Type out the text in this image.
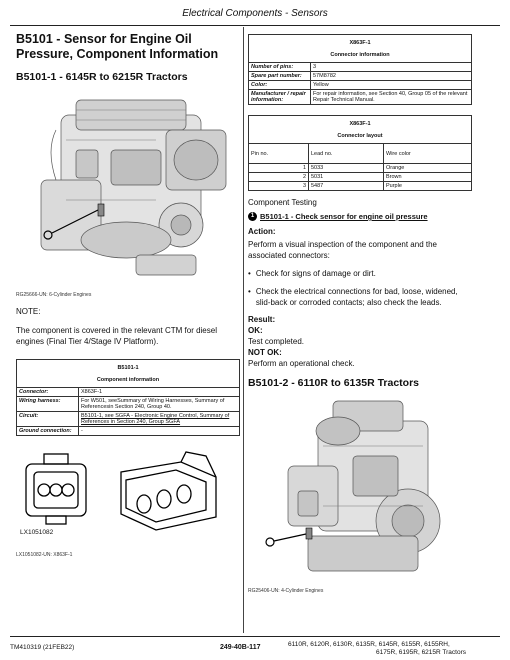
Electrical Components - Sensors
B5101 - Sensor for Engine Oil Pressure, Component Information
B5101-1 - 6145R to 6215R Tractors
RG25666-UN: 6-Cylinder Engines
NOTE:
The component is covered in the relevant CTM for diesel engines (Final Tier 4/Stage IV Platform).
B5101-1
Component information	

Connector:	X863F-1
Wiring harness:	For W501, seeSummary of Wiring Harnesses, Summary of Referencesin Section 240, Group 40.
Circuit:	B5101-1, see SGFA - Electronic Engine Control, Summary of References in Section 240, Group SGFA
Ground connection:	-
LX1051082
LX1051082-UN: X863F-1
X863F-1
Connector information	

Number of pins:	3
Spare part number:	57M8782
Color:	Yellow
Manufacturer / repair information:	For repair information, see Section 40, Group 05 of the relevant Repair Technical Manual.
X863F-1
Connector layout		

Pin no.	Lead no.	Wire color
1	5033	Orange
2	5031	Brown
3	5487	Purple
Component Testing
1 B5101-1 - Check sensor for engine oil pressure
Action:
Perform a visual inspection of the component and the associated connectors:
• Check for signs of damage or dirt.
• Check the electrical connections for bad, loose, widened, slid-back or corroded contacts; also check the leads.
Result:
OK:
Test completed.
NOT OK:
Perform an operational check.
B5101-2 - 6110R to 6135R Tractors
RG25406-UN: 4-Cylinder Engines
TM410319 (21FEB22)	249-40B-117	6110R, 6120R, 6130R, 6135R, 6145R, 6155R, 6155RH,
6175R, 6195R, 6215R Tractors
